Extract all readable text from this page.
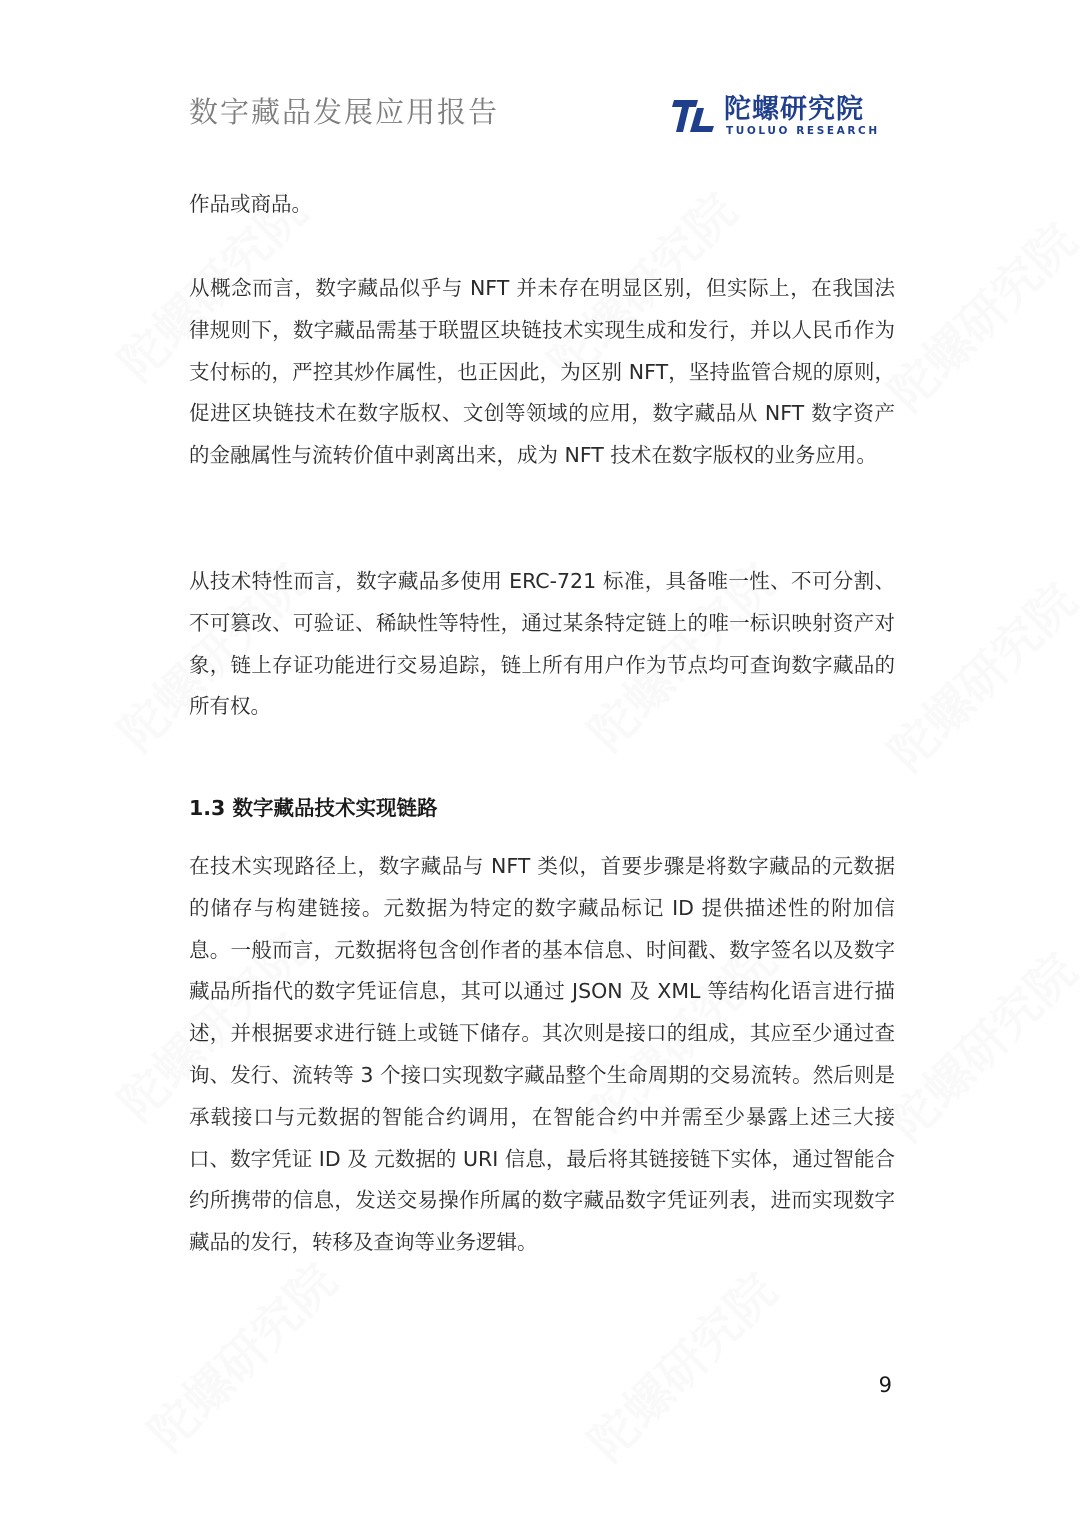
数字藏品发展应用报告	陀螺研究院
TUOLUO RESEARCH

作品或商品。

从概念而言，数字藏品似乎与 NFT 并未存在明显区别，但实际上，在我国法律规则下，数字藏品需基于联盟区块链技术实现生成和发行，并以人民币作为支付标的，严控其炒作属性，也正因此，为区别 NFT，坚持监管合规的原则，促进区块链技术在数字版权、文创等领域的应用，数字藏品从 NFT 数字资产的金融属性与流转价值中剥离出来，成为 NFT 技术在数字版权的业务应用。

从技术特性而言，数字藏品多使用 ERC-721 标准，具备唯一性、不可分割、不可篡改、可验证、稀缺性等特性，通过某条特定链上的唯一标识映射资产对象，链上存证功能进行交易追踪，链上所有用户作为节点均可查询数字藏品的所有权。

1.3 数字藏品技术实现链路

在技术实现路径上，数字藏品与 NFT 类似，首要步骤是将数字藏品的元数据的储存与构建链接。元数据为特定的数字藏品标记 ID 提供描述性的附加信息。一般而言，元数据将包含创作者的基本信息、时间戳、数字签名以及数字藏品所指代的数字凭证信息，其可以通过 JSON 及 XML 等结构化语言进行描述，并根据要求进行链上或链下储存。其次则是接口的组成，其应至少通过查询、发行、流转等 3 个接口实现数字藏品整个生命周期的交易流转。然后则是承载接口与元数据的智能合约调用，在智能合约中并需至少暴露上述三大接口、数字凭证 ID 及 元数据的 URI 信息，最后将其链接链下实体，通过智能合约所携带的信息，发送交易操作所属的数字藏品数字凭证列表，进而实现数字藏品的发行，转移及查询等业务逻辑。

9
